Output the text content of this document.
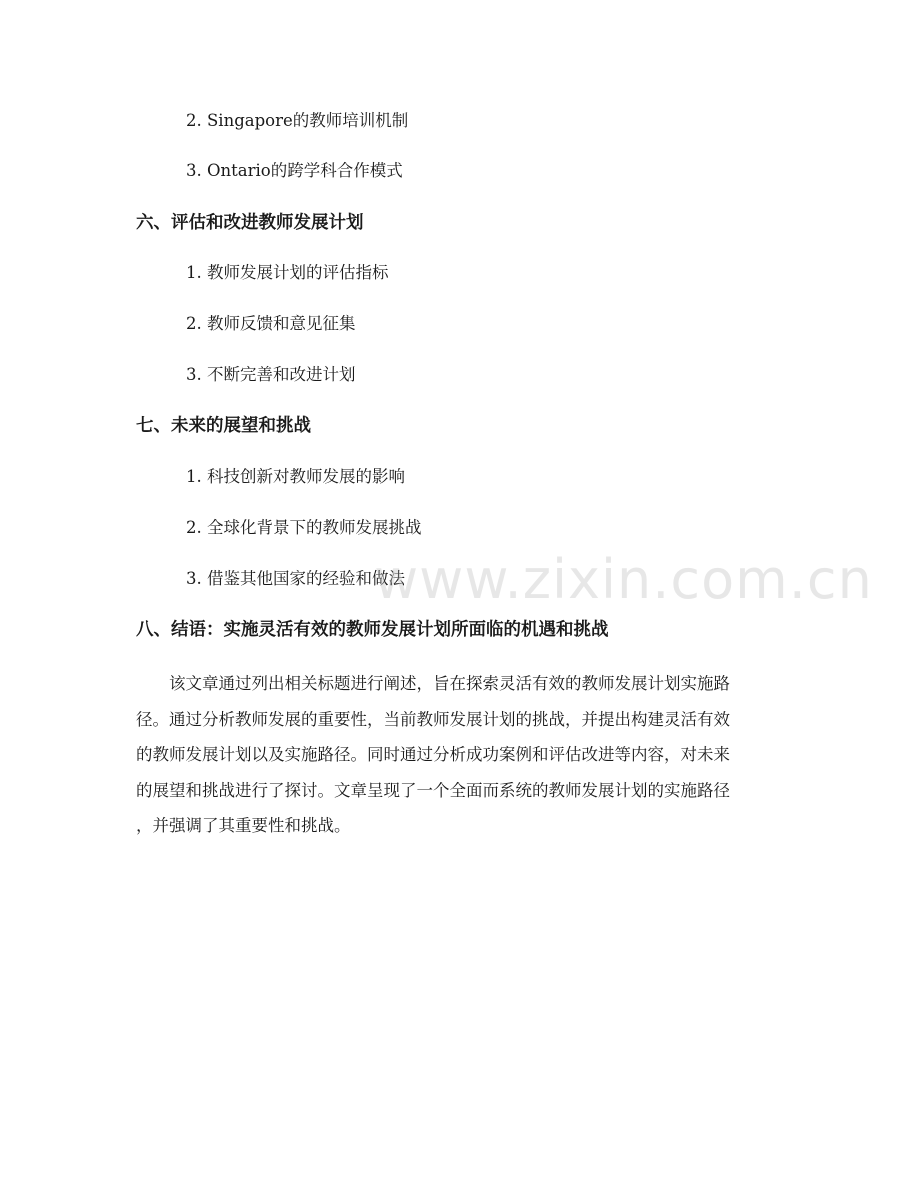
2. Singapore的教师培训机制
3. Ontario的跨学科合作模式
六、评估和改进教师发展计划
1. 教师发展计划的评估指标
2. 教师反馈和意见征集
3. 不断完善和改进计划
七、未来的展望和挑战
1. 科技创新对教师发展的影响
2. 全球化背景下的教师发展挑战
3. 借鉴其他国家的经验和做法
八、结语：实施灵活有效的教师发展计划所面临的机遇和挑战
该文章通过列出相关标题进行阐述，旨在探索灵活有效的教师发展计划实施路
径。通过分析教师发展的重要性，当前教师发展计划的挑战，并提出构建灵活有效
的教师发展计划以及实施路径。同时通过分析成功案例和评估改进等内容，对未来
的展望和挑战进行了探讨。文章呈现了一个全面而系统的教师发展计划的实施路径
，并强调了其重要性和挑战。
www.zixin.com.cn
